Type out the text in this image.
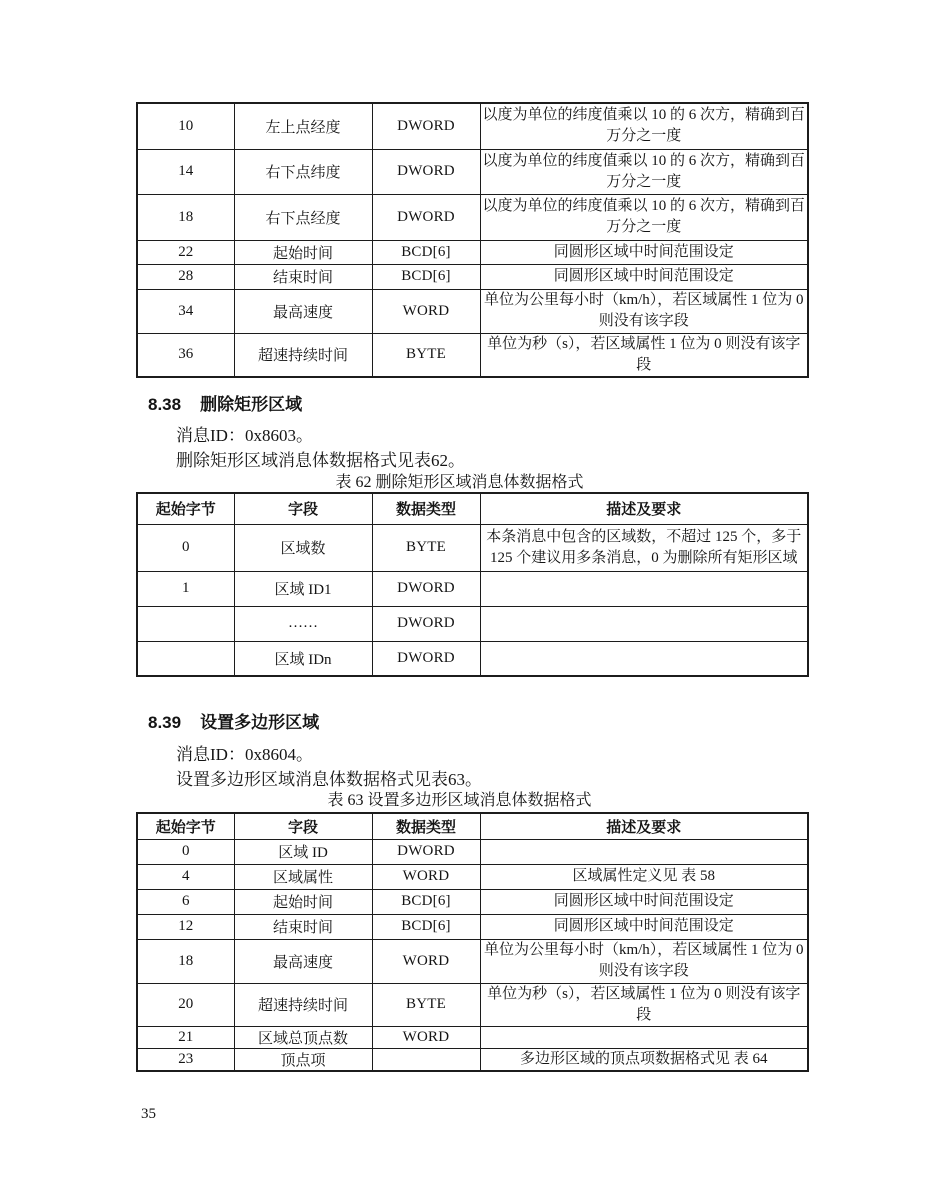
10	左上点经度	DWORD	以度为单位的纬度值乘以 10 的 6 次方，精确到百万分之一度
14	右下点纬度	DWORD	以度为单位的纬度值乘以 10 的 6 次方，精确到百万分之一度
18	右下点经度	DWORD	以度为单位的纬度值乘以 10 的 6 次方，精确到百万分之一度
22	起始时间	BCD[6]	同圆形区域中时间范围设定
28	结束时间	BCD[6]	同圆形区域中时间范围设定
34	最高速度	WORD	单位为公里每小时（km/h），若区域属性 1 位为 0 则没有该字段
36	超速持续时间	BYTE	单位为秒（s），若区域属性 1 位为 0 则没有该字段
8.38 删除矩形区域
消息ID：0x8603。
删除矩形区域消息体数据格式见表62。
表 62 删除矩形区域消息体数据格式
起始字节	字段	数据类型	描述及要求
0	区域数	BYTE	本条消息中包含的区域数，不超过 125 个，多于 125 个建议用多条消息，0 为删除所有矩形区域
1	区域 ID1	DWORD	
	……	DWORD	
	区域 IDn	DWORD	
8.39 设置多边形区域
消息ID：0x8604。
设置多边形区域消息体数据格式见表63。
表 63 设置多边形区域消息体数据格式
起始字节	字段	数据类型	描述及要求
0	区域 ID	DWORD	
4	区域属性	WORD	区域属性定义见 表 58
6	起始时间	BCD[6]	同圆形区域中时间范围设定
12	结束时间	BCD[6]	同圆形区域中时间范围设定
18	最高速度	WORD	单位为公里每小时（km/h），若区域属性 1 位为 0 则没有该字段
20	超速持续时间	BYTE	单位为秒（s），若区域属性 1 位为 0 则没有该字段
21	区域总顶点数	WORD	
23	顶点项		多边形区域的顶点项数据格式见 表 64
35
